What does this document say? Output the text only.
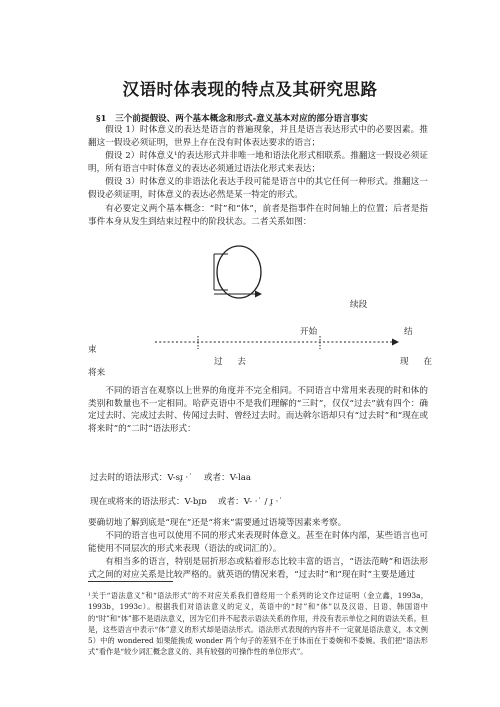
汉语时体表现的特点及其研究思路
§1　三个前提假设、两个基本概念和形式-意义基本对应的部分语言事实
假设 1）时体意义的表达是语言的普遍现象，并且是语言表达形式中的必要因素。推翻这一假设必须证明，世界上存在没有时体表达要求的语言；
假设 2）时体意义¹的表达形式并非唯一地和语法化形式相联系。推翻这一假设必须证明，所有语言中时体意义的表达必须通过语法化形式来表达；
假设 3）时体意义的非语法化表达手段可能是语言中的其它任何一种形式。推翻这一假设必须证明，时体意义的表达必然是某一特定的形式。
有必要定义两个基本概念：“时”和“体”，前者是指事件在时间轴上的位置；后者是指事件本身从发生到结束过程中的阶段状态。二者关系如图：
续段
开始	结
束
过 去	现 在
将来
不同的语言在观察以上世界的角度并不完全相同。不同语言中常用来表现的时和体的类别和数量也不一定相同。哈萨克语中不是我们理解的“三时”，仅仅“过去”就有四个：确定过去时、完成过去时、传闻过去时、曾经过去时。而达斡尔语却只有“过去时”和“现在或将来时”的“二时”语法形式：
过去时的语法形式：V-sɪ̯ ·˙　 或者：V-laa
现在或将来的语法形式：V-bɪ̯ɒ　 或者：V- ·˙ / ɪ̯ ·˙
要确切地了解到底是“现在”还是“将来”需要通过语境等因素来考察。
不同的语言也可以使用不同的形式来表现时体意义。甚至在时体内部，某些语言也可能使用不同层次的形式来表现（语法的或词汇的）。
有相当多的语言，特别是屈折形态或粘着形态比较丰富的语言，“语法范畴”和语法形式之间的对应关系是比较严格的。就英语的情况来看，“过去时”和“现在时”主要是通过
¹关于“语法意义”和“语法形式”的不对应关系我们曾经用一个系列的论文作过证明（金立鑫，1993a，1993b，1993c）。根据我们对语法意义的定义，英语中的“时”和“体”以及汉语、日语、韩国语中的“时”和“体”都不是语法意义，因为它们并不起表示语法关系的作用，并没有表示单位之间的语法关系。但是，这些语言中表示“体”意义的形式却是语法形式。语法形式表现的内容并不一定就是语法意义，本文例 5）中的 wondered 如果能换成 wonder 两个句子的差别不在于体而在于委婉和不委婉。我们把“语法形式”看作是“较少词汇概念意义的、具有较强的可操作性的单位形式”。
